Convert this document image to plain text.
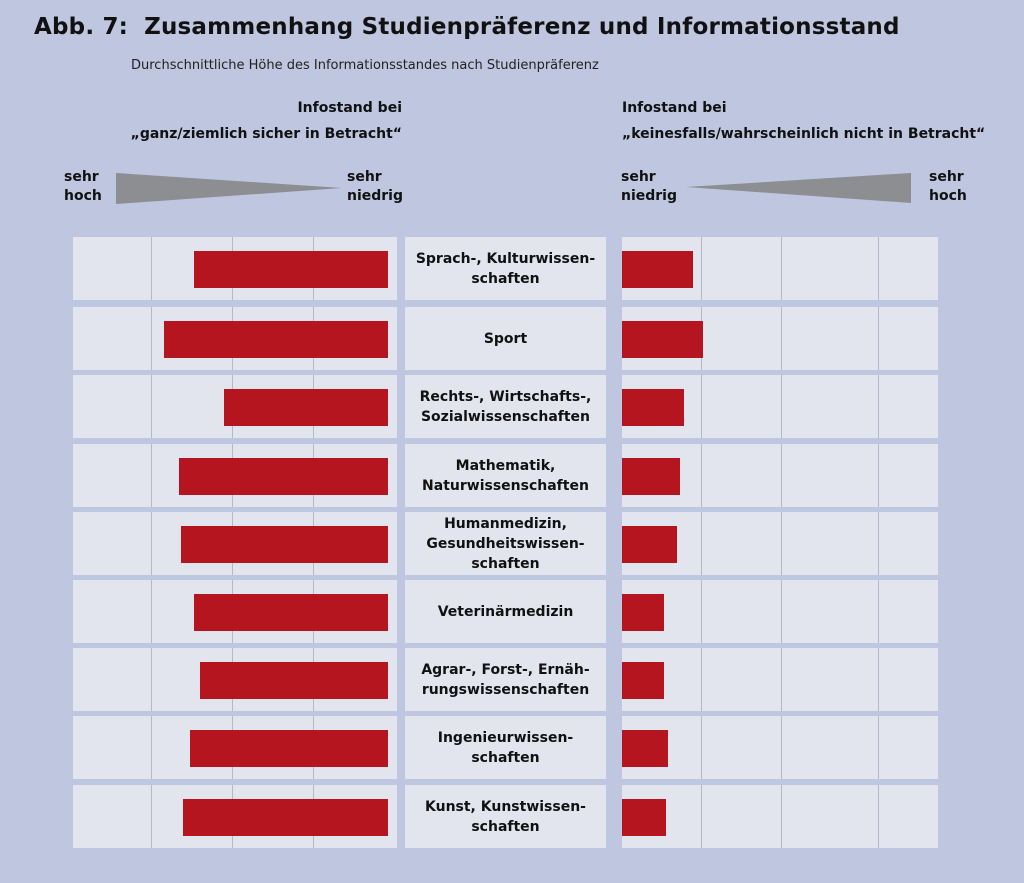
Abb. 7: Zusammenhang Studienpräferenz und Informationsstand
Durchschnittliche Höhe des Informationsstandes nach Studienpräferenz
Infostand bei
„ganz/ziemlich sicher in Betracht“
Infostand bei
„keinesfalls/wahrscheinlich nicht in Betracht“
sehr
hoch
sehr
niedrig
sehr
niedrig
sehr
hoch
Sprach-, Kulturwissen-
schaften
Sport
Rechts-, Wirtschafts-,
Sozialwissenschaften
Mathematik,
Naturwissenschaften
Humanmedizin,
Gesundheitswissen-
schaften
Veterinärmedizin
Agrar-, Forst-, Ernäh-
rungswissenschaften
Ingenieurwissen-
schaften
Kunst, Kunstwissen-
schaften
